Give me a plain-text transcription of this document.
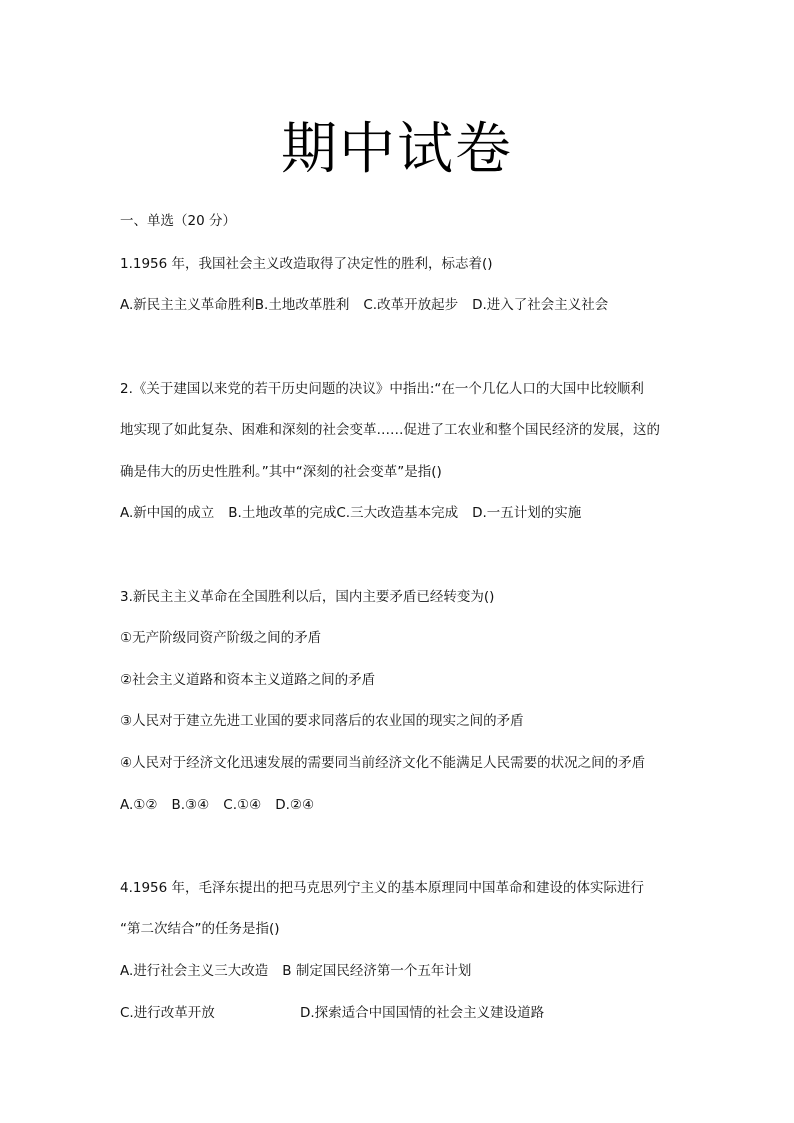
期中试卷
一、单选（20 分）
1.1956 年，我国社会主义改造取得了决定性的胜利，标志着()
A.新民主主义革命胜利B.土地改革胜利 C.改革开放起步 D.进入了社会主义社会
2.《关于建国以来党的若干历史问题的决议》中指出:“在一个几亿人口的大国中比较顺利
地实现了如此复杂、困难和深刻的社会变革……促进了工农业和整个国民经济的发展，这的
确是伟大的历史性胜利。”其中“深刻的社会变革”是指()
A.新中国的成立 B.土地改革的完成C.三大改造基本完成 D.一五计划的实施
3.新民主主义革命在全国胜利以后，国内主要矛盾已经转变为()
①无产阶级同资产阶级之间的矛盾
②社会主义道路和资本主义道路之间的矛盾
③人民对于建立先进工业国的要求同落后的农业国的现实之间的矛盾
④人民对于经济文化迅速发展的需要同当前经济文化不能满足人民需要的状况之间的矛盾
A.①② B.③④ C.①④ D.②④
4.1956 年，毛泽东提出的把马克思列宁主义的基本原理同中国革命和建设的体实际进行
“第二次结合”的任务是指()
A.进行社会主义三大改造 B 制定国民经济第一个五年计划
C.进行改革开放	D.探索适合中国国情的社会主义建设道路
